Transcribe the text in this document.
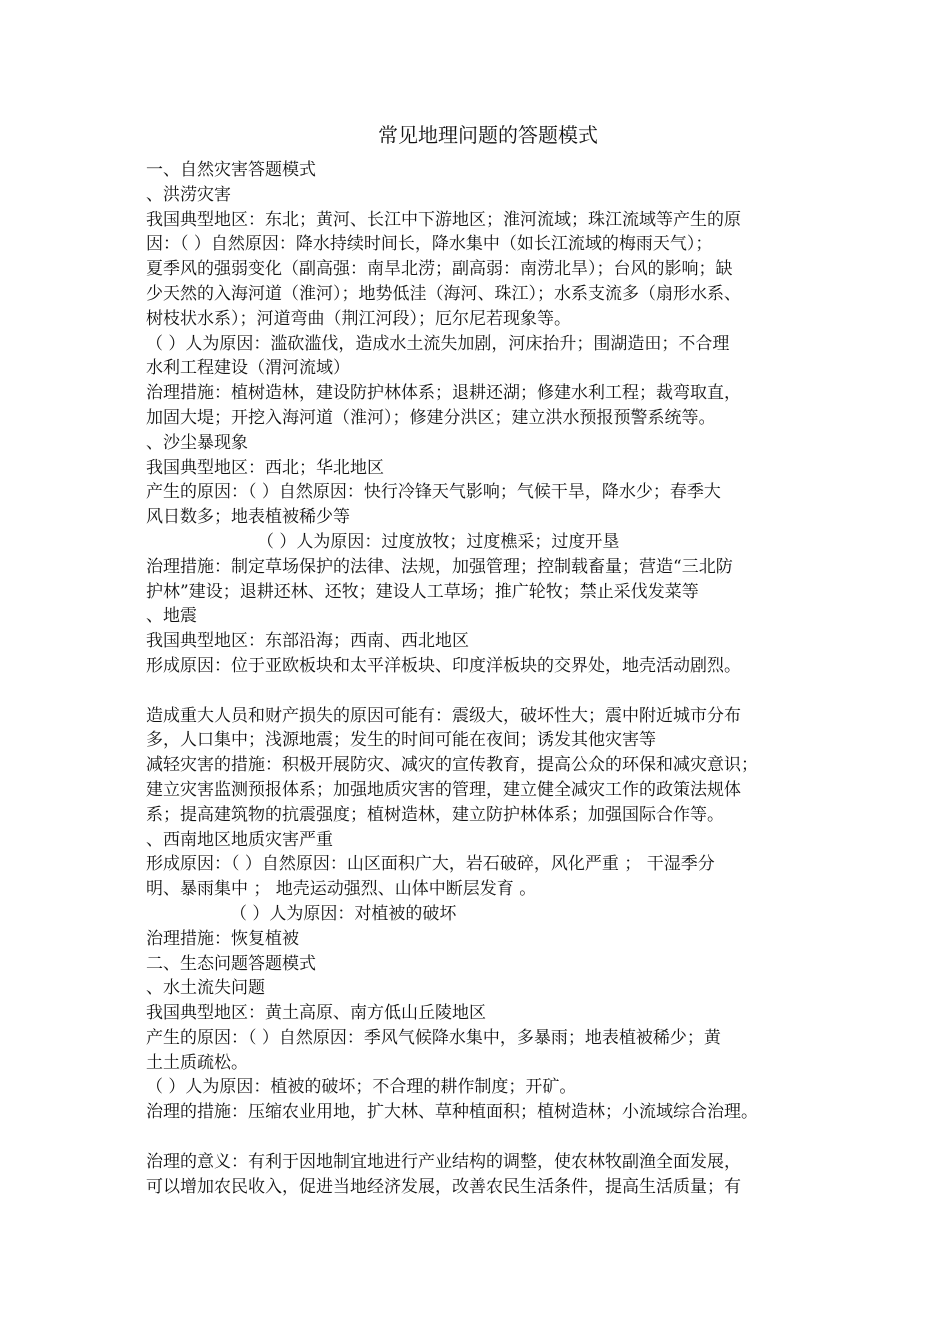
常见地理问题的答题模式

一、自然灾害答题模式

、洪涝灾害

我国典型地区：东北；黄河、长江中下游地区；淮河流域；珠江流域等产生的原

因：（ ）自然原因：降水持续时间长，降水集中（如长江流域的梅雨天气）；

夏季风的强弱变化（副高强：南旱北涝；副高弱：南涝北旱）；台风的影响；缺

少天然的入海河道（淮河）；地势低洼（海河、珠江）；水系支流多（扇形水系、

树枝状水系）；河道弯曲（荆江河段）；厄尔尼若现象等。

（ ）人为原因：滥砍滥伐，造成水土流失加剧，河床抬升；围湖造田；不合理

水利工程建设（渭河流域）

治理措施：植树造林，建设防护林体系；退耕还湖；修建水利工程；裁弯取直，

加固大堤；开挖入海河道（淮河）；修建分洪区；建立洪水预报预警系统等。

、沙尘暴现象

我国典型地区：西北；华北地区

产生的原因：（ ）自然原因：快行冷锋天气影响；气候干旱，降水少；春季大

风日数多；地表植被稀少等

（ ）人为原因：过度放牧；过度樵采；过度开垦

治理措施：制定草场保护的法律、法规，加强管理；控制载畜量；营造“三北防

护林”建设；退耕还林、还牧；建设人工草场；推广轮牧；禁止采伐发菜等

、地震

我国典型地区：东部沿海；西南、西北地区

形成原因：位于亚欧板块和太平洋板块、印度洋板块的交界处，地壳活动剧烈。

造成重大人员和财产损失的原因可能有：震级大，破坏性大；震中附近城市分布

多，人口集中；浅源地震；发生的时间可能在夜间；诱发其他灾害等

减轻灾害的措施：积极开展防灾、减灾的宣传教育，提高公众的环保和减灾意识；

建立灾害监测预报体系；加强地质灾害的管理，建立健全减灾工作的政策法规体

系；提高建筑物的抗震强度；植树造林，建立防护林体系；加强国际合作等。

、西南地区地质灾害严重

形成原因：（ ）自然原因：山区面积广大，岩石破碎，风化严重 ； 干湿季分

明、暴雨集中 ； 地壳运动强烈、山体中断层发育 。

（ ）人为原因：对植被的破坏

治理措施：恢复植被

二、生态问题答题模式

、水土流失问题

我国典型地区：黄土高原、南方低山丘陵地区

产生的原因：（ ）自然原因：季风气候降水集中，多暴雨；地表植被稀少；黄

土土质疏松。

（ ）人为原因：植被的破坏；不合理的耕作制度；开矿。

治理的措施：压缩农业用地，扩大林、草种植面积；植树造林；小流域综合治理。

治理的意义：有利于因地制宜地进行产业结构的调整，使农林牧副渔全面发展，

可以增加农民收入，促进当地经济发展，改善农民生活条件，提高生活质量；有
